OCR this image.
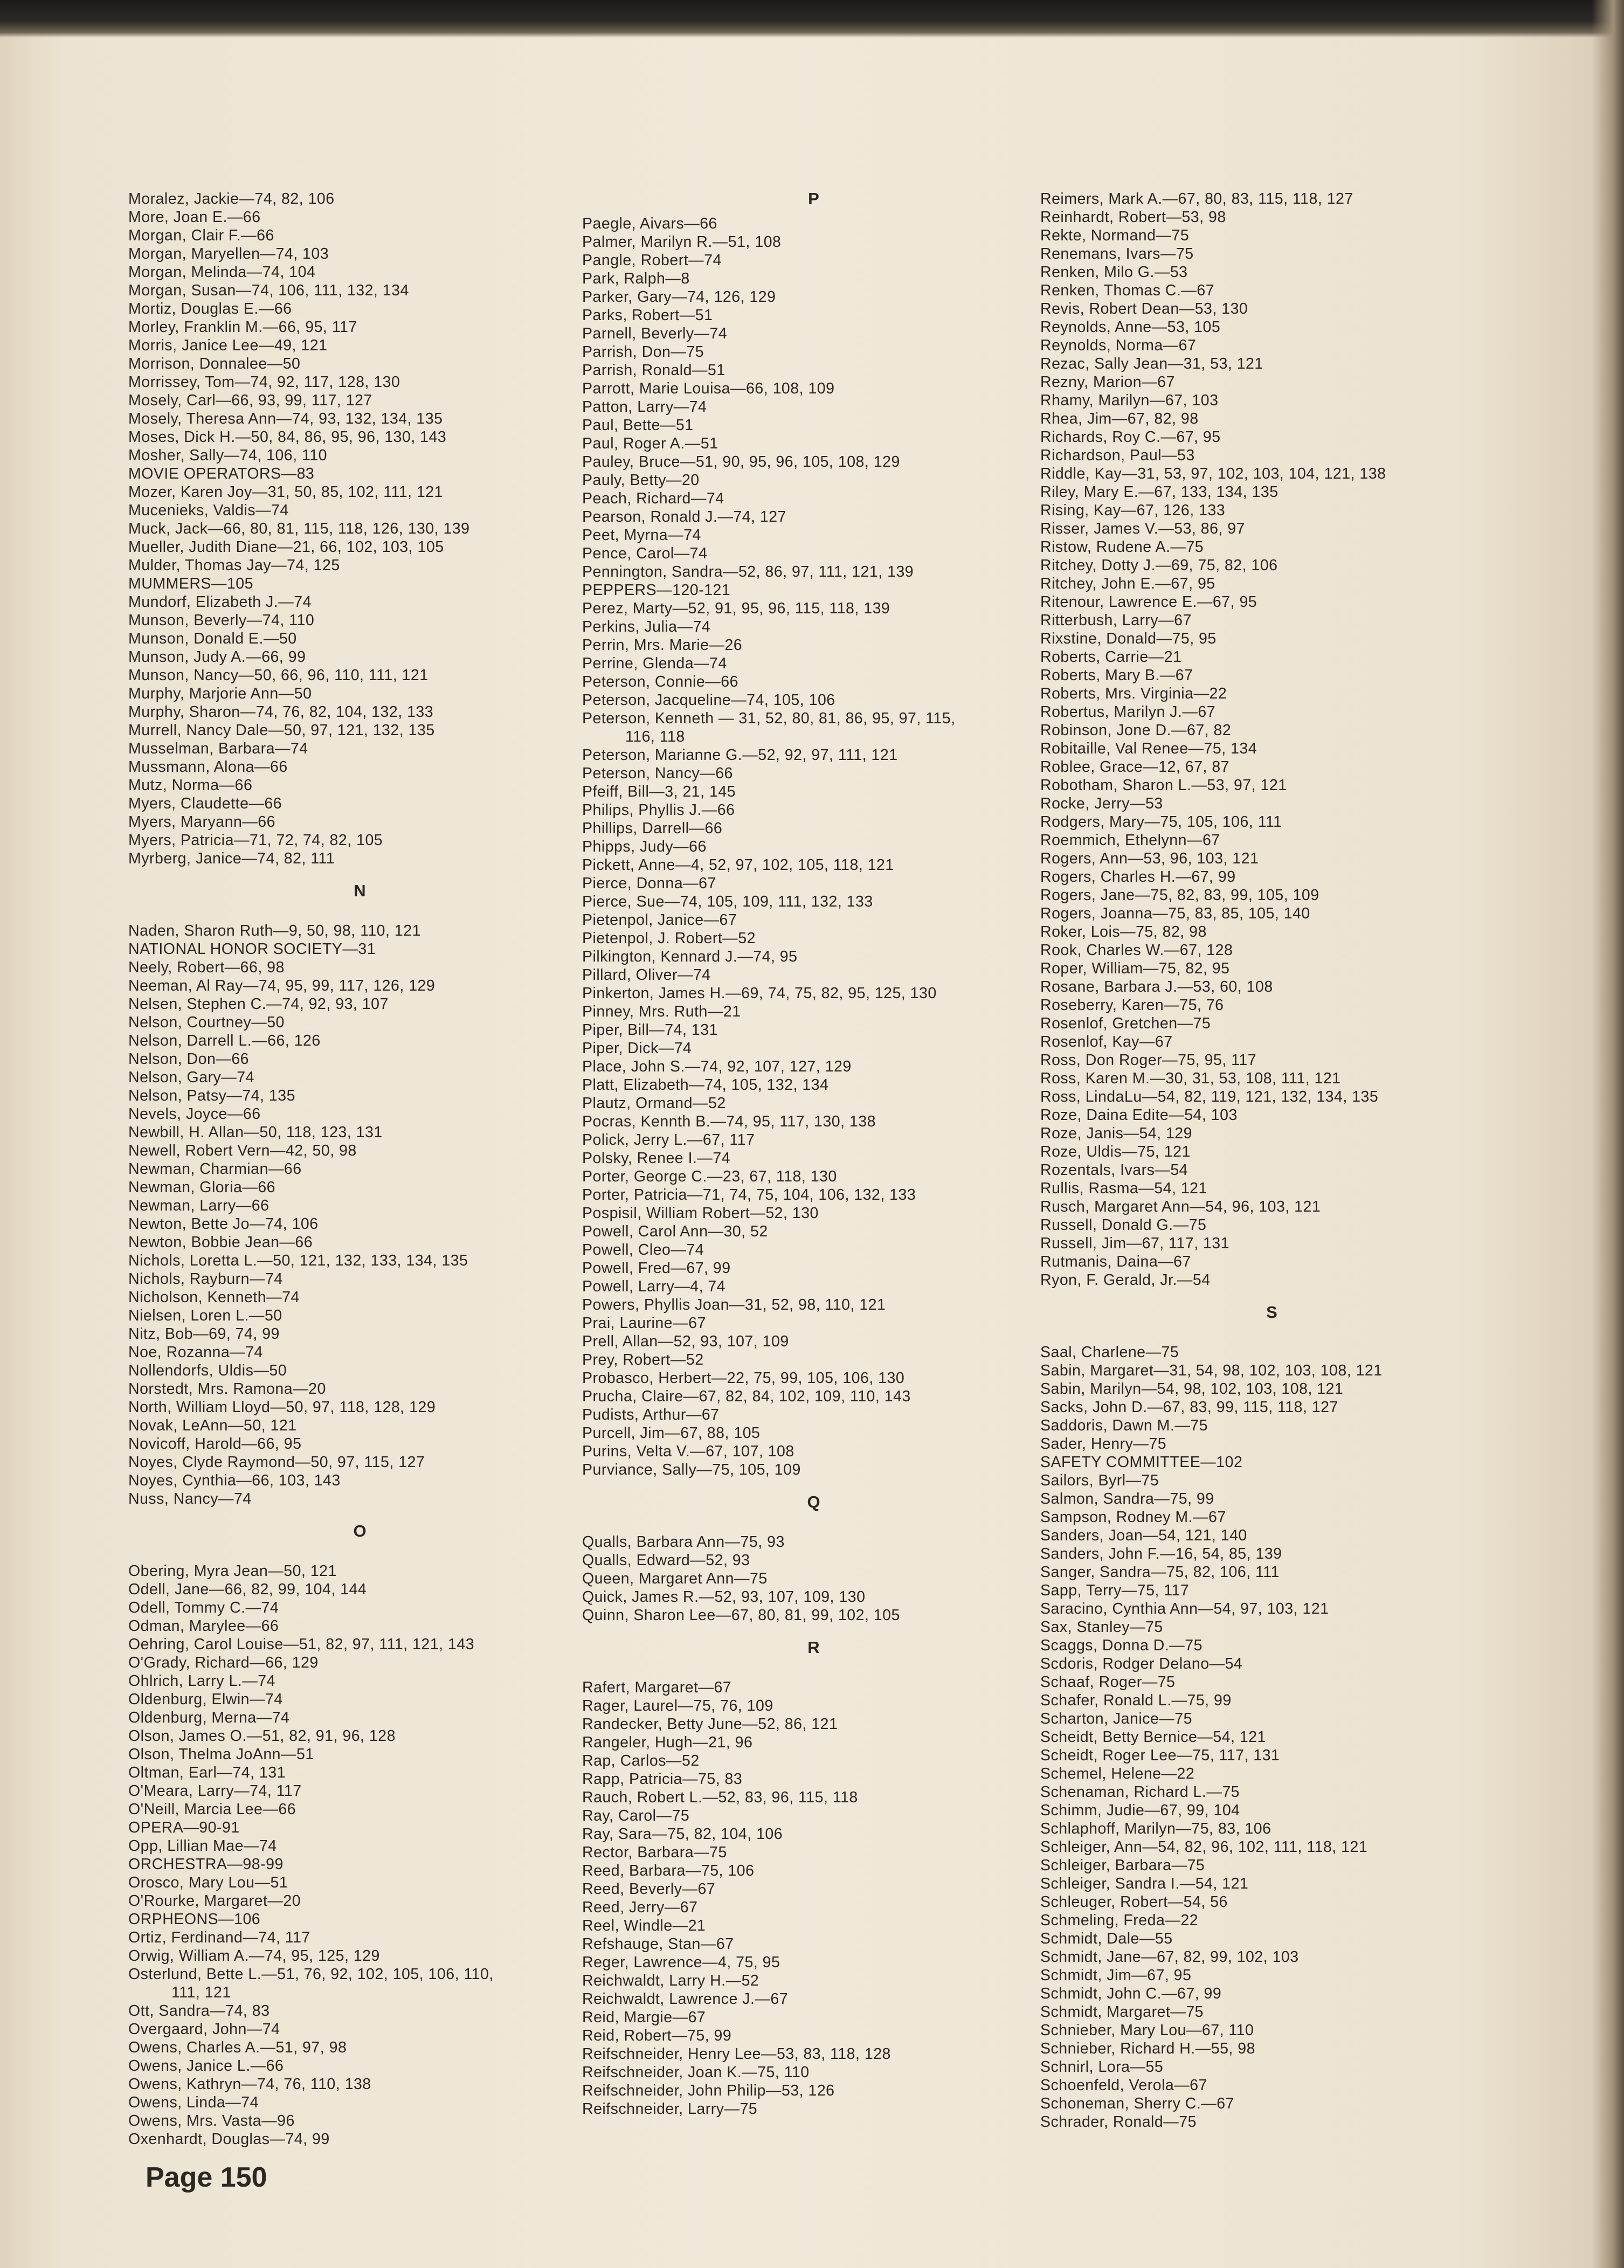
Moralez, Jackie—74, 82, 106
More, Joan E.—66
Morgan, Clair F.—66
Morgan, Maryellen—74, 103
Morgan, Melinda—74, 104
Morgan, Susan—74, 106, 111, 132, 134
Mortiz, Douglas E.—66
Morley, Franklin M.—66, 95, 117
Morris, Janice Lee—49, 121
Morrison, Donnalee—50
Morrissey, Tom—74, 92, 117, 128, 130
Mosely, Carl—66, 93, 99, 117, 127
Mosely, Theresa Ann—74, 93, 132, 134, 135
Moses, Dick H.—50, 84, 86, 95, 96, 130, 143
Mosher, Sally—74, 106, 110
MOVIE OPERATORS—83
Mozer, Karen Joy—31, 50, 85, 102, 111, 121
Mucenieks, Valdis—74
Muck, Jack—66, 80, 81, 115, 118, 126, 130, 139
Mueller, Judith Diane—21, 66, 102, 103, 105
Mulder, Thomas Jay—74, 125
MUMMERS—105
Mundorf, Elizabeth J.—74
Munson, Beverly—74, 110
Munson, Donald E.—50
Munson, Judy A.—66, 99
Munson, Nancy—50, 66, 96, 110, 111, 121
Murphy, Marjorie Ann—50
Murphy, Sharon—74, 76, 82, 104, 132, 133
Murrell, Nancy Dale—50, 97, 121, 132, 135
Musselman, Barbara—74
Mussmann, Alona—66
Mutz, Norma—66
Myers, Claudette—66
Myers, Maryann—66
Myers, Patricia—71, 72, 74, 82, 105
Myrberg, Janice—74, 82, 111
N
Naden, Sharon Ruth—9, 50, 98, 110, 121
NATIONAL HONOR SOCIETY—31
Neely, Robert—66, 98
Neeman, Al Ray—74, 95, 99, 117, 126, 129
Nelsen, Stephen C.—74, 92, 93, 107
Nelson, Courtney—50
Nelson, Darrell L.—66, 126
Nelson, Don—66
Nelson, Gary—74
Nelson, Patsy—74, 135
Nevels, Joyce—66
Newbill, H. Allan—50, 118, 123, 131
Newell, Robert Vern—42, 50, 98
Newman, Charmian—66
Newman, Gloria—66
Newman, Larry—66
Newton, Bette Jo—74, 106
Newton, Bobbie Jean—66
Nichols, Loretta L.—50, 121, 132, 133, 134, 135
Nichols, Rayburn—74
Nicholson, Kenneth—74
Nielsen, Loren L.—50
Nitz, Bob—69, 74, 99
Noe, Rozanna—74
Nollendorfs, Uldis—50
Norstedt, Mrs. Ramona—20
North, William Lloyd—50, 97, 118, 128, 129
Novak, LeAnn—50, 121
Novicoff, Harold—66, 95
Noyes, Clyde Raymond—50, 97, 115, 127
Noyes, Cynthia—66, 103, 143
Nuss, Nancy—74
O
Obering, Myra Jean—50, 121
Odell, Jane—66, 82, 99, 104, 144
Odell, Tommy C.—74
Odman, Marylee—66
Oehring, Carol Louise—51, 82, 97, 111, 121, 143
O'Grady, Richard—66, 129
Ohlrich, Larry L.—74
Oldenburg, Elwin—74
Oldenburg, Merna—74
Olson, James O.—51, 82, 91, 96, 128
Olson, Thelma JoAnn—51
Oltman, Earl—74, 131
O'Meara, Larry—74, 117
O'Neill, Marcia Lee—66
OPERA—90-91
Opp, Lillian Mae—74
ORCHESTRA—98-99
Orosco, Mary Lou—51
O'Rourke, Margaret—20
ORPHEONS—106
Ortiz, Ferdinand—74, 117
Orwig, William A.—74, 95, 125, 129
Osterlund, Bette L.—51, 76, 92, 102, 105, 106, 110,
111, 121
Ott, Sandra—74, 83
Overgaard, John—74
Owens, Charles A.—51, 97, 98
Owens, Janice L.—66
Owens, Kathryn—74, 76, 110, 138
Owens, Linda—74
Owens, Mrs. Vasta—96
Oxenhardt, Douglas—74, 99
P
Paegle, Aivars—66
Palmer, Marilyn R.—51, 108
Pangle, Robert—74
Park, Ralph—8
Parker, Gary—74, 126, 129
Parks, Robert—51
Parnell, Beverly—74
Parrish, Don—75
Parrish, Ronald—51
Parrott, Marie Louisa—66, 108, 109
Patton, Larry—74
Paul, Bette—51
Paul, Roger A.—51
Pauley, Bruce—51, 90, 95, 96, 105, 108, 129
Pauly, Betty—20
Peach, Richard—74
Pearson, Ronald J.—74, 127
Peet, Myrna—74
Pence, Carol—74
Pennington, Sandra—52, 86, 97, 111, 121, 139
PEPPERS—120-121
Perez, Marty—52, 91, 95, 96, 115, 118, 139
Perkins, Julia—74
Perrin, Mrs. Marie—26
Perrine, Glenda—74
Peterson, Connie—66
Peterson, Jacqueline—74, 105, 106
Peterson, Kenneth — 31, 52, 80, 81, 86, 95, 97, 115,
116, 118
Peterson, Marianne G.—52, 92, 97, 111, 121
Peterson, Nancy—66
Pfeiff, Bill—3, 21, 145
Philips, Phyllis J.—66
Phillips, Darrell—66
Phipps, Judy—66
Pickett, Anne—4, 52, 97, 102, 105, 118, 121
Pierce, Donna—67
Pierce, Sue—74, 105, 109, 111, 132, 133
Pietenpol, Janice—67
Pietenpol, J. Robert—52
Pilkington, Kennard J.—74, 95
Pillard, Oliver—74
Pinkerton, James H.—69, 74, 75, 82, 95, 125, 130
Pinney, Mrs. Ruth—21
Piper, Bill—74, 131
Piper, Dick—74
Place, John S.—74, 92, 107, 127, 129
Platt, Elizabeth—74, 105, 132, 134
Plautz, Ormand—52
Pocras, Kennth B.—74, 95, 117, 130, 138
Polick, Jerry L.—67, 117
Polsky, Renee I.—74
Porter, George C.—23, 67, 118, 130
Porter, Patricia—71, 74, 75, 104, 106, 132, 133
Pospisil, William Robert—52, 130
Powell, Carol Ann—30, 52
Powell, Cleo—74
Powell, Fred—67, 99
Powell, Larry—4, 74
Powers, Phyllis Joan—31, 52, 98, 110, 121
Prai, Laurine—67
Prell, Allan—52, 93, 107, 109
Prey, Robert—52
Probasco, Herbert—22, 75, 99, 105, 106, 130
Prucha, Claire—67, 82, 84, 102, 109, 110, 143
Pudists, Arthur—67
Purcell, Jim—67, 88, 105
Purins, Velta V.—67, 107, 108
Purviance, Sally—75, 105, 109
Q
Qualls, Barbara Ann—75, 93
Qualls, Edward—52, 93
Queen, Margaret Ann—75
Quick, James R.—52, 93, 107, 109, 130
Quinn, Sharon Lee—67, 80, 81, 99, 102, 105
R
Rafert, Margaret—67
Rager, Laurel—75, 76, 109
Randecker, Betty June—52, 86, 121
Rangeler, Hugh—21, 96
Rap, Carlos—52
Rapp, Patricia—75, 83
Rauch, Robert L.—52, 83, 96, 115, 118
Ray, Carol—75
Ray, Sara—75, 82, 104, 106
Rector, Barbara—75
Reed, Barbara—75, 106
Reed, Beverly—67
Reed, Jerry—67
Reel, Windle—21
Refshauge, Stan—67
Reger, Lawrence—4, 75, 95
Reichwaldt, Larry H.—52
Reichwaldt, Lawrence J.—67
Reid, Margie—67
Reid, Robert—75, 99
Reifschneider, Henry Lee—53, 83, 118, 128
Reifschneider, Joan K.—75, 110
Reifschneider, John Philip—53, 126
Reifschneider, Larry—75
Reimers, Mark A.—67, 80, 83, 115, 118, 127
Reinhardt, Robert—53, 98
Rekte, Normand—75
Renemans, Ivars—75
Renken, Milo G.—53
Renken, Thomas C.—67
Revis, Robert Dean—53, 130
Reynolds, Anne—53, 105
Reynolds, Norma—67
Rezac, Sally Jean—31, 53, 121
Rezny, Marion—67
Rhamy, Marilyn—67, 103
Rhea, Jim—67, 82, 98
Richards, Roy C.—67, 95
Richardson, Paul—53
Riddle, Kay—31, 53, 97, 102, 103, 104, 121, 138
Riley, Mary E.—67, 133, 134, 135
Rising, Kay—67, 126, 133
Risser, James V.—53, 86, 97
Ristow, Rudene A.—75
Ritchey, Dotty J.—69, 75, 82, 106
Ritchey, John E.—67, 95
Ritenour, Lawrence E.—67, 95
Ritterbush, Larry—67
Rixstine, Donald—75, 95
Roberts, Carrie—21
Roberts, Mary B.—67
Roberts, Mrs. Virginia—22
Robertus, Marilyn J.—67
Robinson, Jone D.—67, 82
Robitaille, Val Renee—75, 134
Roblee, Grace—12, 67, 87
Robotham, Sharon L.—53, 97, 121
Rocke, Jerry—53
Rodgers, Mary—75, 105, 106, 111
Roemmich, Ethelynn—67
Rogers, Ann—53, 96, 103, 121
Rogers, Charles H.—67, 99
Rogers, Jane—75, 82, 83, 99, 105, 109
Rogers, Joanna—75, 83, 85, 105, 140
Roker, Lois—75, 82, 98
Rook, Charles W.—67, 128
Roper, William—75, 82, 95
Rosane, Barbara J.—53, 60, 108
Roseberry, Karen—75, 76
Rosenlof, Gretchen—75
Rosenlof, Kay—67
Ross, Don Roger—75, 95, 117
Ross, Karen M.—30, 31, 53, 108, 111, 121
Ross, LindaLu—54, 82, 119, 121, 132, 134, 135
Roze, Daina Edite—54, 103
Roze, Janis—54, 129
Roze, Uldis—75, 121
Rozentals, Ivars—54
Rullis, Rasma—54, 121
Rusch, Margaret Ann—54, 96, 103, 121
Russell, Donald G.—75
Russell, Jim—67, 117, 131
Rutmanis, Daina—67
Ryon, F. Gerald, Jr.—54
S
Saal, Charlene—75
Sabin, Margaret—31, 54, 98, 102, 103, 108, 121
Sabin, Marilyn—54, 98, 102, 103, 108, 121
Sacks, John D.—67, 83, 99, 115, 118, 127
Saddoris, Dawn M.—75
Sader, Henry—75
SAFETY COMMITTEE—102
Sailors, Byrl—75
Salmon, Sandra—75, 99
Sampson, Rodney M.—67
Sanders, Joan—54, 121, 140
Sanders, John F.—16, 54, 85, 139
Sanger, Sandra—75, 82, 106, 111
Sapp, Terry—75, 117
Saracino, Cynthia Ann—54, 97, 103, 121
Sax, Stanley—75
Scaggs, Donna D.—75
Scdoris, Rodger Delano—54
Schaaf, Roger—75
Schafer, Ronald L.—75, 99
Scharton, Janice—75
Scheidt, Betty Bernice—54, 121
Scheidt, Roger Lee—75, 117, 131
Schemel, Helene—22
Schenaman, Richard L.—75
Schimm, Judie—67, 99, 104
Schlaphoff, Marilyn—75, 83, 106
Schleiger, Ann—54, 82, 96, 102, 111, 118, 121
Schleiger, Barbara—75
Schleiger, Sandra I.—54, 121
Schleuger, Robert—54, 56
Schmeling, Freda—22
Schmidt, Dale—55
Schmidt, Jane—67, 82, 99, 102, 103
Schmidt, Jim—67, 95
Schmidt, John C.—67, 99
Schmidt, Margaret—75
Schnieber, Mary Lou—67, 110
Schnieber, Richard H.—55, 98
Schnirl, Lora—55
Schoenfeld, Verola—67
Schoneman, Sherry C.—67
Schrader, Ronald—75
Page 150
